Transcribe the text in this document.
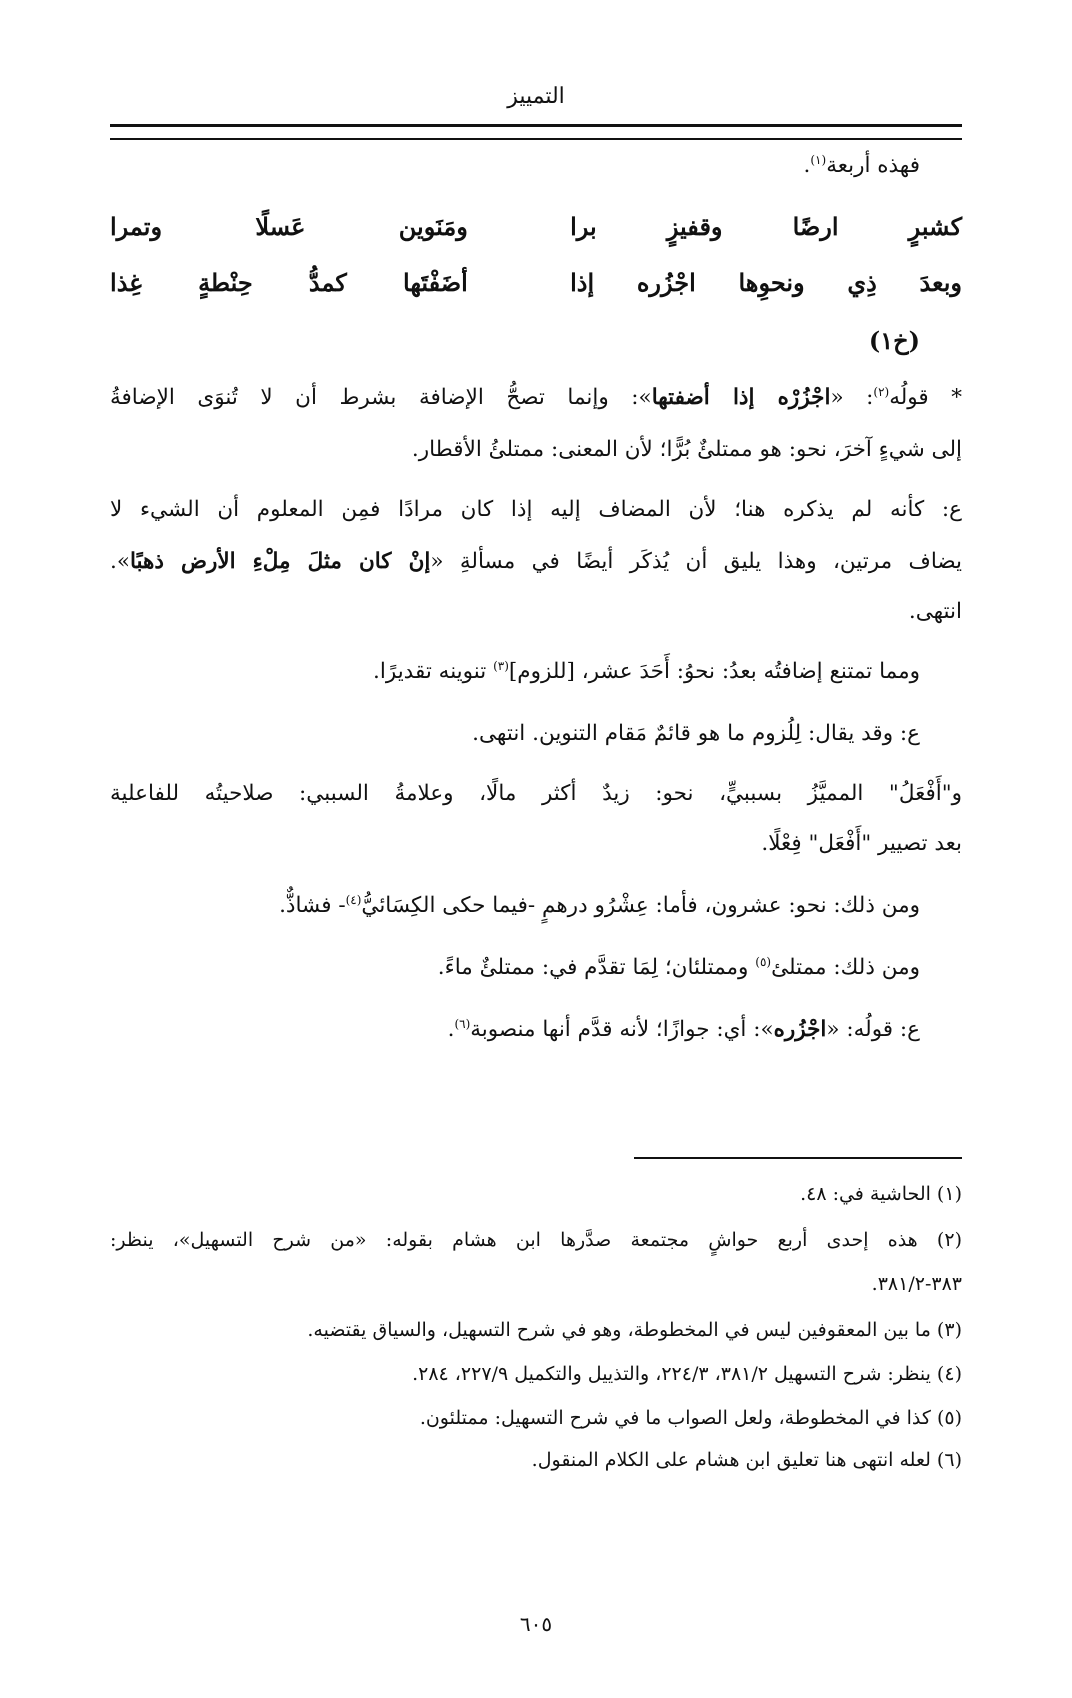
التمييز
فهذه أربعة$^{(١)}$.
كشبرٍ
ارضًا
وقفيزٍ
برا
ومَنَوين
عَسلًا
وتمرا
وبعدَ
ذِي
ونحوِها
اجْزُره
إذا
أضَفْتَها
كمدُّ
حِنْطةٍ
غِذا
(خ١)
* قولُه$^{(٢)}$: «اجْزُرْه إذا أضفتها»: وإنما تصحُّ الإضافة بشرط أن لا تُنوَى الإضافةُ
إلى شيءٍ آخرَ، نحو: هو ممتلئٌ بُرًّا؛ لأن المعنى: ممتلئُ الأقطار.
ع: كأنه لم يذكره هنا؛ لأن المضاف إليه إذا كان مرادًا فمِن المعلوم أن الشيء لا
يضاف مرتين، وهذا يليق أن يُذكَر أيضًا في مسألةِ «إنْ كان مثلَ مِلْءِ الأرض ذهبًا».
انتهى.
ومما تمتنع إضافتُه بعدُ: نحوُ: أَحَدَ عشر، [للزوم]$^{(٣)}$ تنوينه تقديرًا.
ع: وقد يقال: لِلُزوم ما هو قائمٌ مَقام التنوين. انتهى.
و"أَفْعَلُ" المميَّزُ بسببيٍّ، نحو: زيدٌ أكثر مالًا، وعلامةُ السببي: صلاحيتُه للفاعلية
بعد تصيير "أَفْعَل" فِعْلًا.
ومن ذلك: نحو: عشرون، فأما: عِشْرُو درهمٍ -فيما حكى الكِسَائيُّ$^{(٤)}$- فشاذٌّ.
ومن ذلك: ممتلئ$^{(٥)}$ وممتلئان؛ لِمَا تقدَّم في: ممتلئٌ ماءً.
ع: قولُه: «اجْزُره»: أي: جوازًا؛ لأنه قدَّم أنها منصوبة$^{(٦)}$.
(١) الحاشية في: ٤٨.
(٢) هذه إحدى أربع حواشٍ مجتمعة صدَّرها ابن هشام بقوله: «من شرح التسهيل»، ينظر:
٣٨٣-٣٨١/٢.
(٣) ما بين المعقوفين ليس في المخطوطة، وهو في شرح التسهيل، والسياق يقتضيه.
(٤) ينظر: شرح التسهيل ٣٨١/٢، ٢٢٤/٣، والتذييل والتكميل ٢٢٧/٩، ٢٨٤.
(٥) كذا في المخطوطة، ولعل الصواب ما في شرح التسهيل: ممتلئون.
(٦) لعله انتهى هنا تعليق ابن هشام على الكلام المنقول.
٦٠٥
